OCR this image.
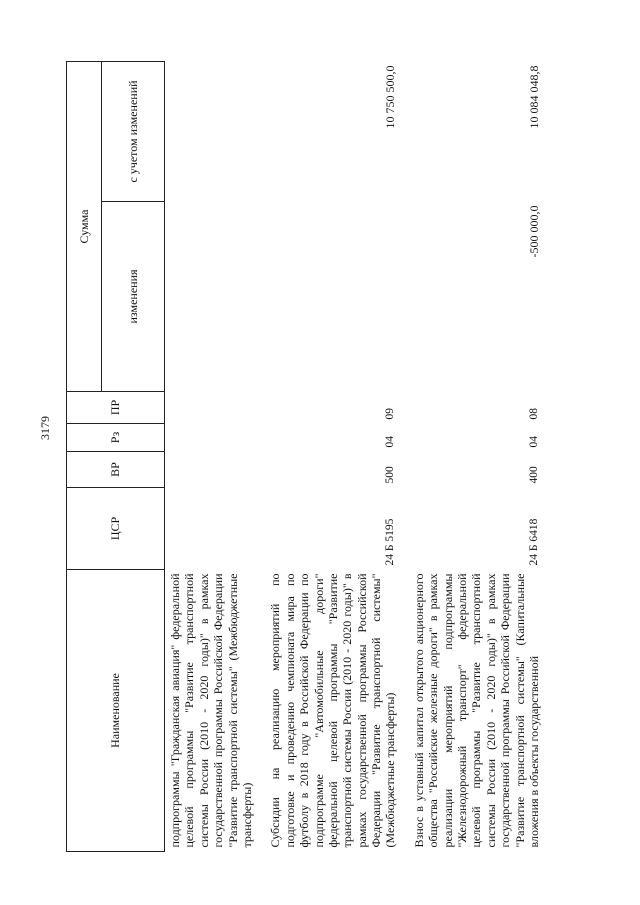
3179
Наименование	ЦСР	ВР	Рз	ПР	Сумма	
					изменения	с учетом изменений
подпрограммы "Гражданская авиация" федеральной целевой программы "Развитие транспортной системы России (2010 - 2020 годы)" в рамках государственной программы Российской Федерации "Развитие транспортной системы" (Межбюджетные трансферты)						

Субсидии на реализацию мероприятий по подготовке и проведению чемпионата мира по футболу в 2018 году в Российской Федерации по подпрограмме "Автомобильные дороги" федеральной целевой программы "Развитие транспортной системы России (2010 - 2020 годы)" в рамках государственной программы Российской Федерации "Развитие транспортной системы" (Межбюджетные трансферты)	24 Б 5195	500	04	09		10 750 500,0

Взнос в уставный капитал открытого акционерного общества "Российские железные дороги" в рамках реализации мероприятий подпрограммы "Железнодорожный транспорт" федеральной целевой программы "Развитие транспортной системы России (2010 - 2020 годы)" в рамках государственной программы Российской Федерации "Развитие транспортной системы" (Капитальные вложения в объекты государственной	24 Б 6418	400	04	08	-500 000,0	10 084 048,8
